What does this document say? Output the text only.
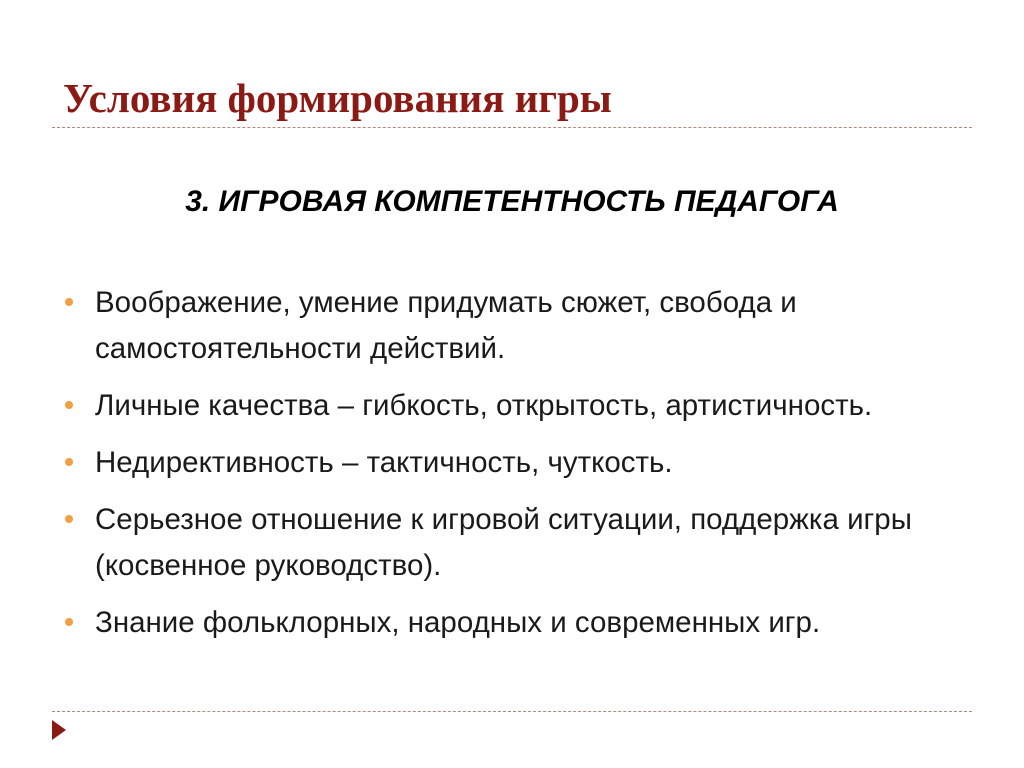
Условия формирования игры
3. ИГРОВАЯ КОМПЕТЕНТНОСТЬ ПЕДАГОГА
Воображение, умение придумать сюжет, свобода и самостоятельности действий.
Личные качества – гибкость, открытость, артистичность.
Недирективность – тактичность, чуткость.
Серьезное отношение к игровой ситуации, поддержка игры (косвенное руководство).
Знание фольклорных, народных и современных игр.
